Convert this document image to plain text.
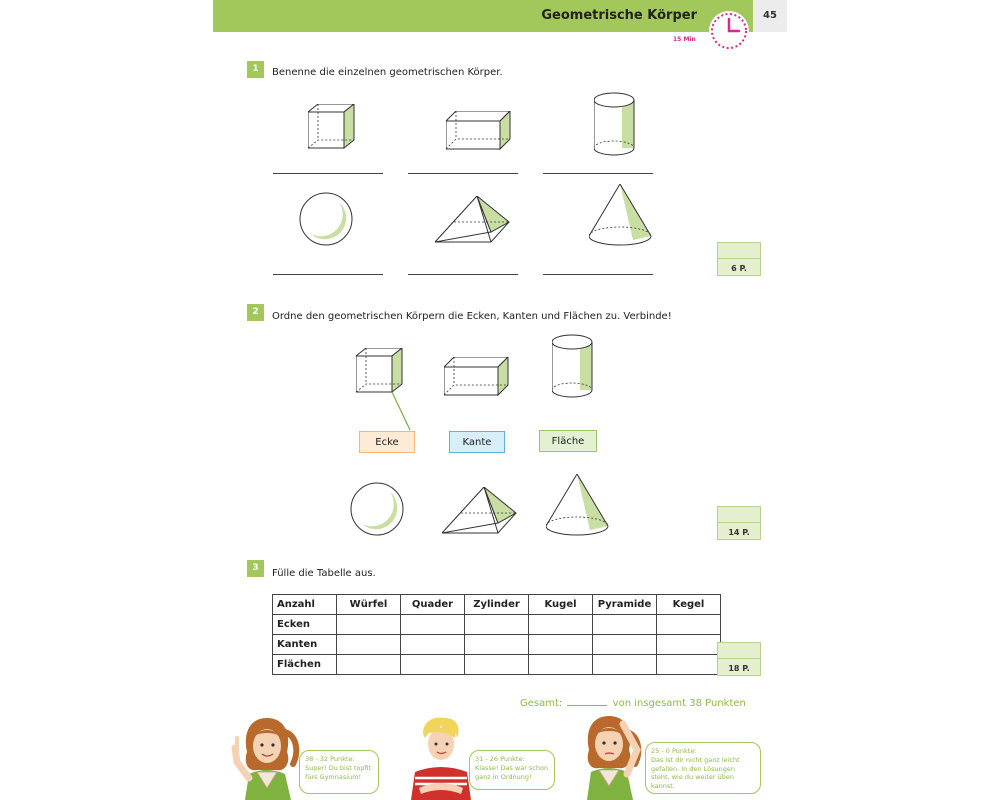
Geometrische Körper	45
15 Min
1	Benenne die einzelnen geometrischen Körper.
6 P.
2	Ordne den geometrischen Körpern die Ecken, Kanten und Flächen zu. Verbinde!
Ecke	Kante	Fläche
14 P.
3	Fülle die Tabelle aus.
Anzahl	Würfel	Quader	Zylinder	Kugel	Pyramide	Kegel
Ecken						
Kanten						
Flächen							18 P.
Gesamt:	von insgesamt 38 Punkten
38 - 32 Punkte:
Super! Du bist topfit fürs Gymnasium!
31 - 26 Punkte:
Klasse! Das war schon ganz in Ordnung!
25 - 0 Punkte:
Das ist dir nicht ganz leicht gefallen. In den Lösungen steht, wie du weiter üben kannst.
